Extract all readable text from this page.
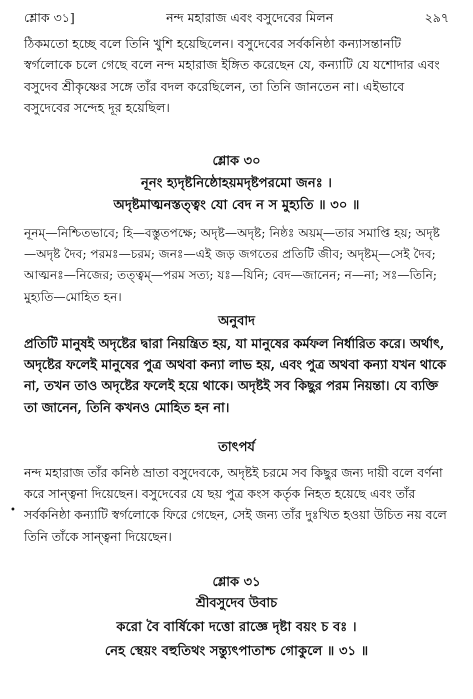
শ্লোক ৩১]	নন্দ মহারাজ এবং বসুদেবের মিলন	২৯৭

ঠিকমতো হচ্ছে বলে তিনি খুশি হয়েছিলেন। বসুদেবের সর্বকনিষ্ঠা কন্যাসন্তানটি স্বর্গলোকে চলে গেছে বলে নন্দ মহারাজ ইঙ্গিত করেছেন যে, কন্যাটি যে যশোদার এবং বসুদেব শ্রীকৃষ্ণের সঙ্গে তাঁর বদল করেছিলেন, তা তিনি জানতেন না। এইভাবে বসুদেবের সন্দেহ দূর হয়েছিল।

শ্লোক ৩০
নূনং হ্যদৃষ্টনিষ্ঠোহয়মদৃষ্টপরমো জনঃ ।
অদৃষ্টমাত্মনস্তত্ত্বং যো বেদ ন স মুহ্যতি ॥ ৩০ ॥

নূনম্—নিশ্চিতভাবে; হি—বস্তুতপক্ষে; অদৃষ্ট—অদৃষ্ট; নিষ্ঠঃ অয়ম্—তার সমাপ্তি হয়; অদৃষ্ট—অদৃষ্ট দৈব; পরমঃ—চরম; জনঃ—এই জড় জগতের প্রতিটি জীব; অদৃষ্টম্—সেই দৈব; আত্মনঃ—নিজের; তত্ত্বম্—পরম সত্য; যঃ—যিনি; বেদ—জানেন; ন—না; সঃ—তিনি; মুহ্যতি—মোহিত হন।

অনুবাদ

প্রতিটি মানুষই অদৃষ্টের দ্বারা নিয়ন্ত্রিত হয়, যা মানুষের কর্মফল নির্ধারিত করে। অর্থাৎ, অদৃষ্টের ফলেই মানুষের পুত্র অথবা কন্যা লাভ হয়, এবং পুত্র অথবা কন্যা যখন থাকে না, তখন তাও অদৃষ্টের ফলেই হয়ে থাকে। অদৃষ্টই সব কিছুর পরম নিয়ন্তা। যে ব্যক্তি তা জানেন, তিনি কখনও মোহিত হন না।

তাৎপর্য

নন্দ মহারাজ তাঁর কনিষ্ঠ ভ্রাতা বসুদেবকে, অদৃষ্টই চরমে সব কিছুর জন্য দায়ী বলে বর্ণনা করে সান্ত্বনা দিয়েছেন। বসুদেবের যে ছয় পুত্র কংস কর্তৃক নিহত হয়েছে এবং তাঁর সর্বকনিষ্ঠা কন্যাটি স্বর্গলোকে ফিরে গেছেন, সেই জন্য তাঁর দুঃখিত হওয়া উচিত নয় বলে তিনি তাঁকে সান্ত্বনা দিয়েছেন।

•
শ্লোক ৩১
শ্রীবসুদেব উবাচ
করো বৈ বার্ষিকো দত্তো রাজ্ঞে দৃষ্টা বয়ং চ বঃ ।
নেহ স্থেয়ং বহুতিথং সন্ত্যুৎপাতাশ্চ গোকুলে ॥ ৩১ ॥
